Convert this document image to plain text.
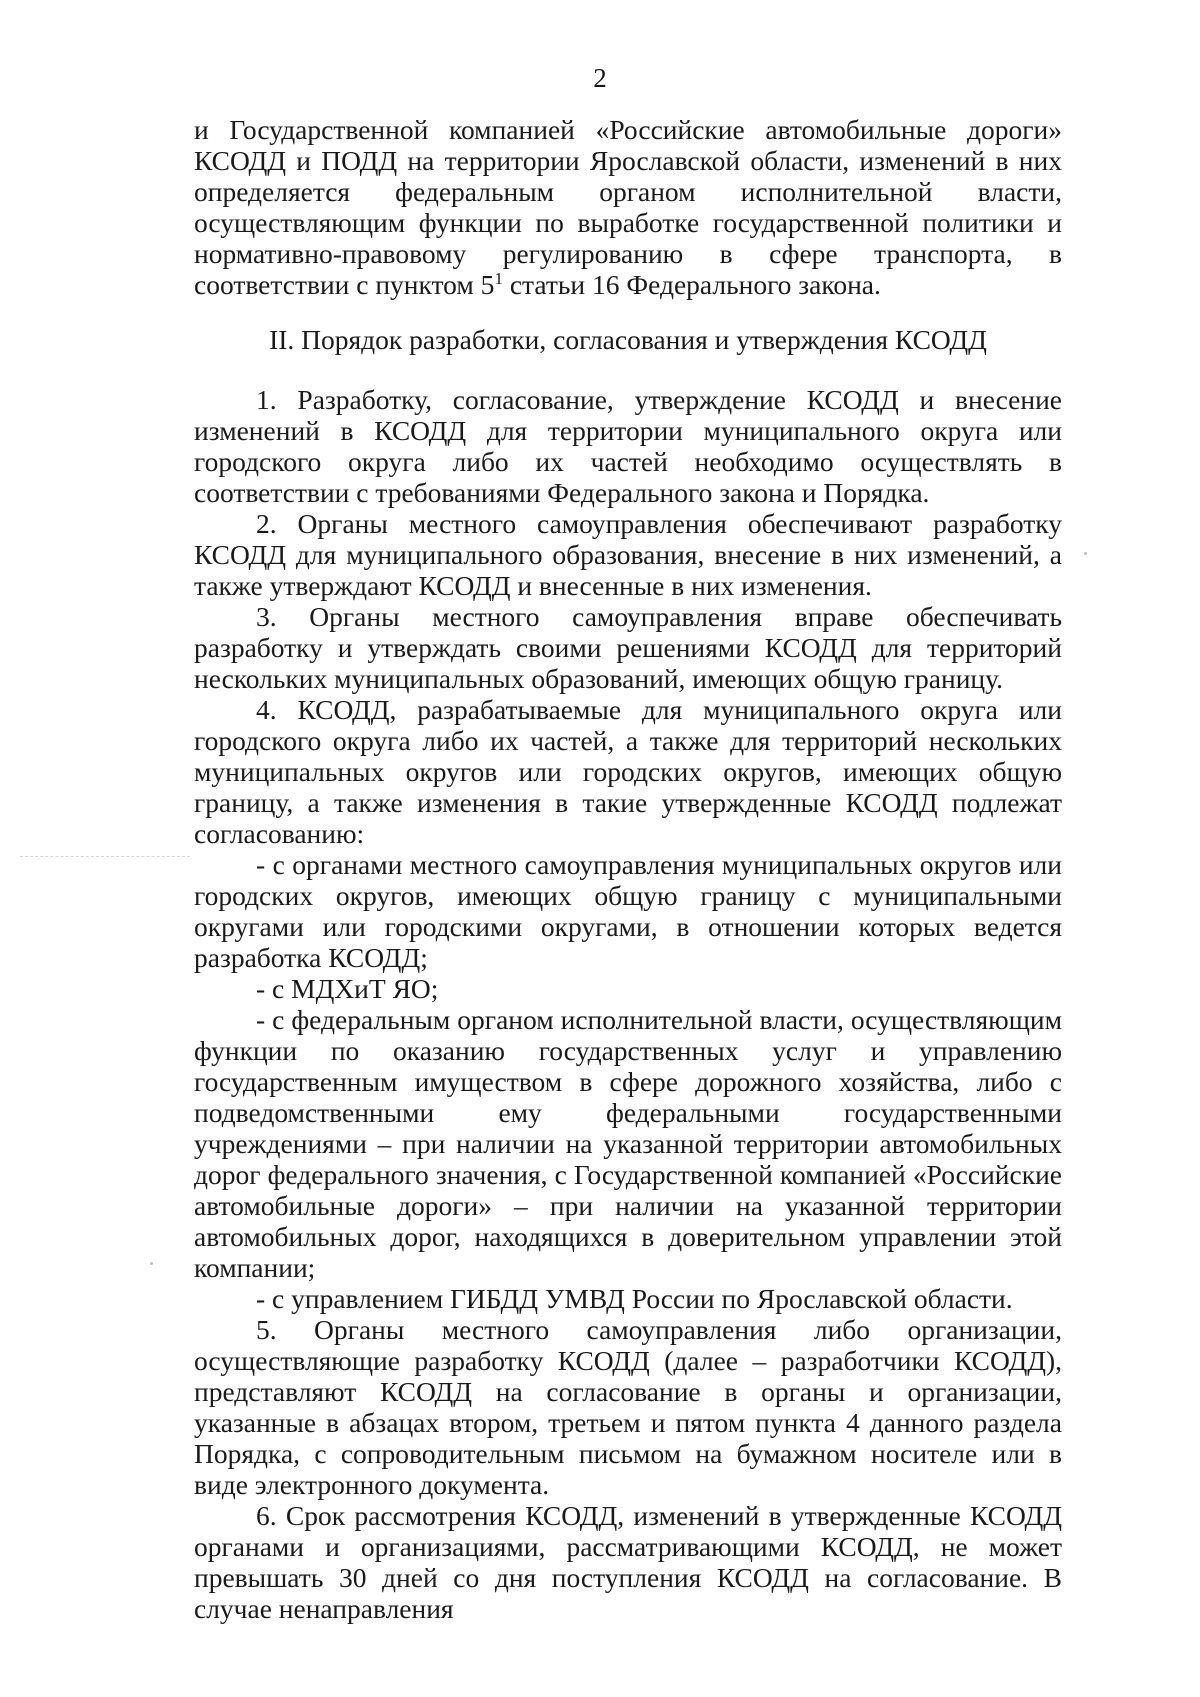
2

и Государственной компанией «Российские автомобильные дороги» КСОДД и ПОДД на территории Ярославской области, изменений в них определяется федеральным органом исполнительной власти, осуществляющим функции по выработке государственной политики и нормативно-правовому регулированию в сфере транспорта, в соответствии с пунктом $5^1$ статьи 16 Федерального закона.

II. Порядок разработки, согласования и утверждения КСОДД

1. Разработку, согласование, утверждение КСОДД и внесение изменений в КСОДД для территории муниципального округа или городского округа либо их частей необходимо осуществлять в соответствии с требованиями Федерального закона и Порядка.

2. Органы местного самоуправления обеспечивают разработку КСОДД для муниципального образования, внесение в них изменений, а также утверждают КСОДД и внесенные в них изменения.

3. Органы местного самоуправления вправе обеспечивать разработку и утверждать своими решениями КСОДД для территорий нескольких муниципальных образований, имеющих общую границу.

4. КСОДД, разрабатываемые для муниципального округа или городского округа либо их частей, а также для территорий нескольких муниципальных округов или городских округов, имеющих общую границу, а также изменения в такие утвержденные КСОДД подлежат согласованию:

- с органами местного самоуправления муниципальных округов или городских округов, имеющих общую границу с муниципальными округами или городскими округами, в отношении которых ведется разработка КСОДД;

- с МДХиТ ЯО;

- с федеральным органом исполнительной власти, осуществляющим функции по оказанию государственных услуг и управлению государственным имуществом в сфере дорожного хозяйства, либо с подведомственными ему федеральными государственными учреждениями – при наличии на указанной территории автомобильных дорог федерального значения, с Государственной компанией «Российские автомобильные дороги» – при наличии на указанной территории автомобильных дорог, находящихся в доверительном управлении этой компании;

- с управлением ГИБДД УМВД России по Ярославской области.

5. Органы местного самоуправления либо организации, осуществляющие разработку КСОДД (далее – разработчики КСОДД), представляют КСОДД на согласование в органы и организации, указанные в абзацах втором, третьем и пятом пункта 4 данного раздела Порядка, с сопроводительным письмом на бумажном носителе или в виде электронного документа.

6. Срок рассмотрения КСОДД, изменений в утвержденные КСОДД органами и организациями, рассматривающими КСОДД, не может превышать 30 дней со дня поступления КСОДД на согласование. В случае ненаправления
